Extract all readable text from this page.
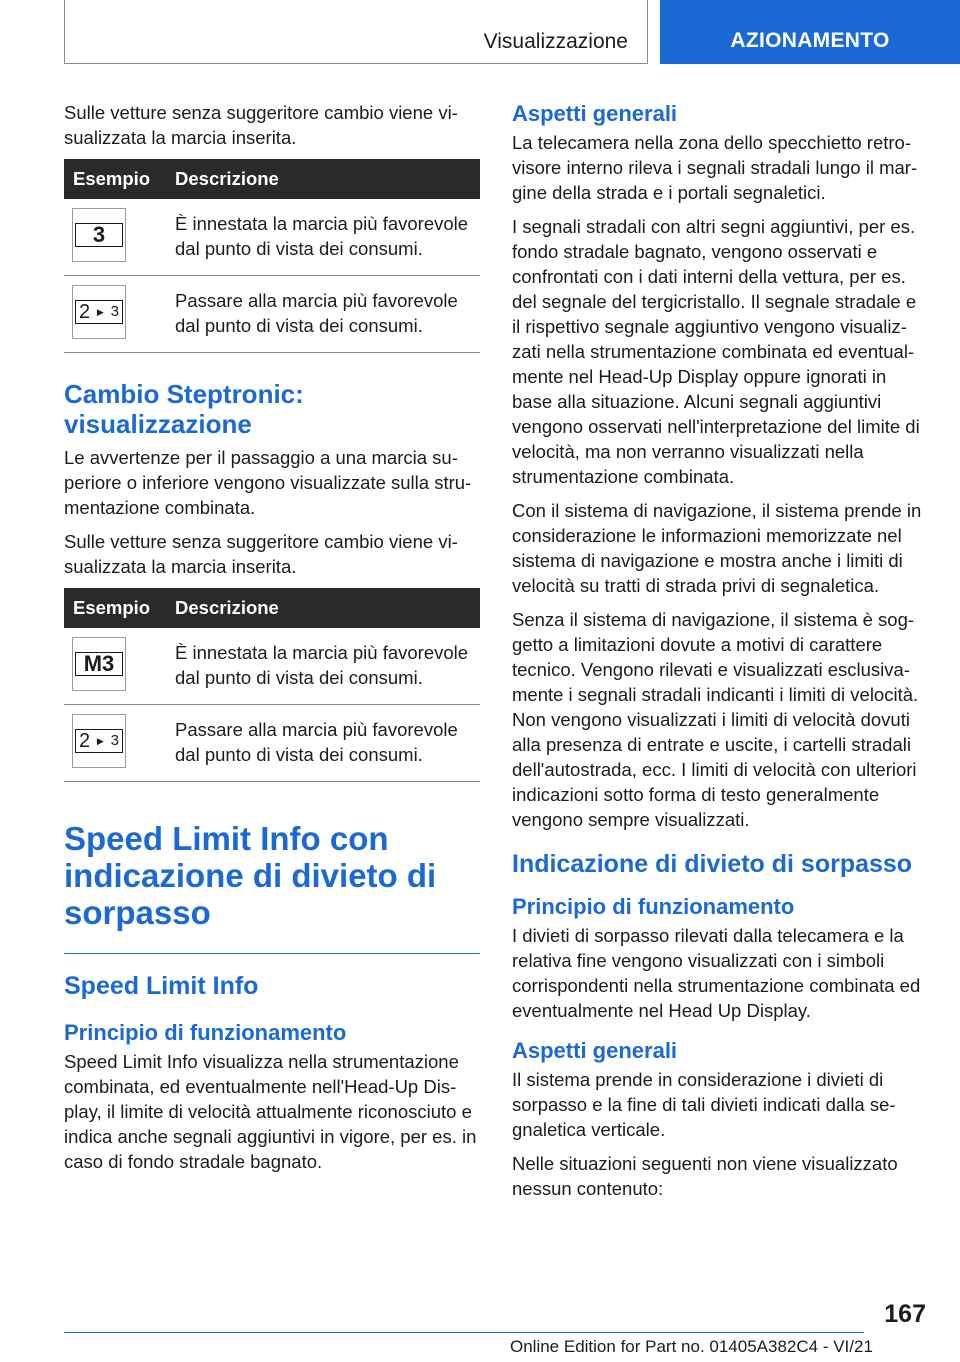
Visualizzazione	AZIONAMENTO

Sulle vetture senza suggeritore cambio viene vi-sualizzata la marcia inserita.

Esempio	Descrizione

3	È innestata la marcia più favorevole dal punto di vista dei consumi.

2 ▶ 3	Passare alla marcia più favorevole dal punto di vista dei consumi.
Cambio Steptronic: visualizzazione

Le avvertenze per il passaggio a una marcia su-periore o inferiore vengono visualizzate sulla stru-mentazione combinata.

Sulle vetture senza suggeritore cambio viene vi-sualizzata la marcia inserita.

Esempio	Descrizione

M3	È innestata la marcia più favorevole dal punto di vista dei consumi.

2 ▶ 3	Passare alla marcia più favorevole dal punto di vista dei consumi.
Speed Limit Info con indicazione di divieto di sorpasso
Speed Limit Info
Principio di funzionamento

Speed Limit Info visualizza nella strumentazione combinata, ed eventualmente nell'Head-Up Dis-play, il limite di velocità attualmente riconosciuto e indica anche segnali aggiuntivi in vigore, per es. in caso di fondo stradale bagnato.

Aspetti generali

La telecamera nella zona dello specchietto retro-visore interno rileva i segnali stradali lungo il mar-gine della strada e i portali segnaletici.

I segnali stradali con altri segni aggiuntivi, per es. fondo stradale bagnato, vengono osservati e confrontati con i dati interni della vettura, per es. del segnale del tergicristallo. Il segnale stradale e il rispettivo segnale aggiuntivo vengono visualiz-zati nella strumentazione combinata ed eventual-mente nel Head-Up Display oppure ignorati in base alla situazione. Alcuni segnali aggiuntivi vengono osservati nell'interpretazione del limite di velocità, ma non verranno visualizzati nella strumentazione combinata.

Con il sistema di navigazione, il sistema prende in considerazione le informazioni memorizzate nel sistema di navigazione e mostra anche i limiti di velocità su tratti di strada privi di segnaletica.

Senza il sistema di navigazione, il sistema è sog-getto a limitazioni dovute a motivi di carattere tecnico. Vengono rilevati e visualizzati esclusiva-mente i segnali stradali indicanti i limiti di velocità. Non vengono visualizzati i limiti di velocità dovuti alla presenza di entrate e uscite, i cartelli stradali dell'autostrada, ecc. I limiti di velocità con ulteriori indicazioni sotto forma di testo generalmente vengono sempre visualizzati.

Indicazione di divieto di sorpasso
Principio di funzionamento

I divieti di sorpasso rilevati dalla telecamera e la relativa fine vengono visualizzati con i simboli corrispondenti nella strumentazione combinata ed eventualmente nel Head Up Display.

Aspetti generali

Il sistema prende in considerazione i divieti di sorpasso e la fine di tali divieti indicati dalla se-gnaletica verticale.

Nelle situazioni seguenti non viene visualizzato nessun contenuto:

167
Online Edition for Part no. 01405A382C4 - VI/21
